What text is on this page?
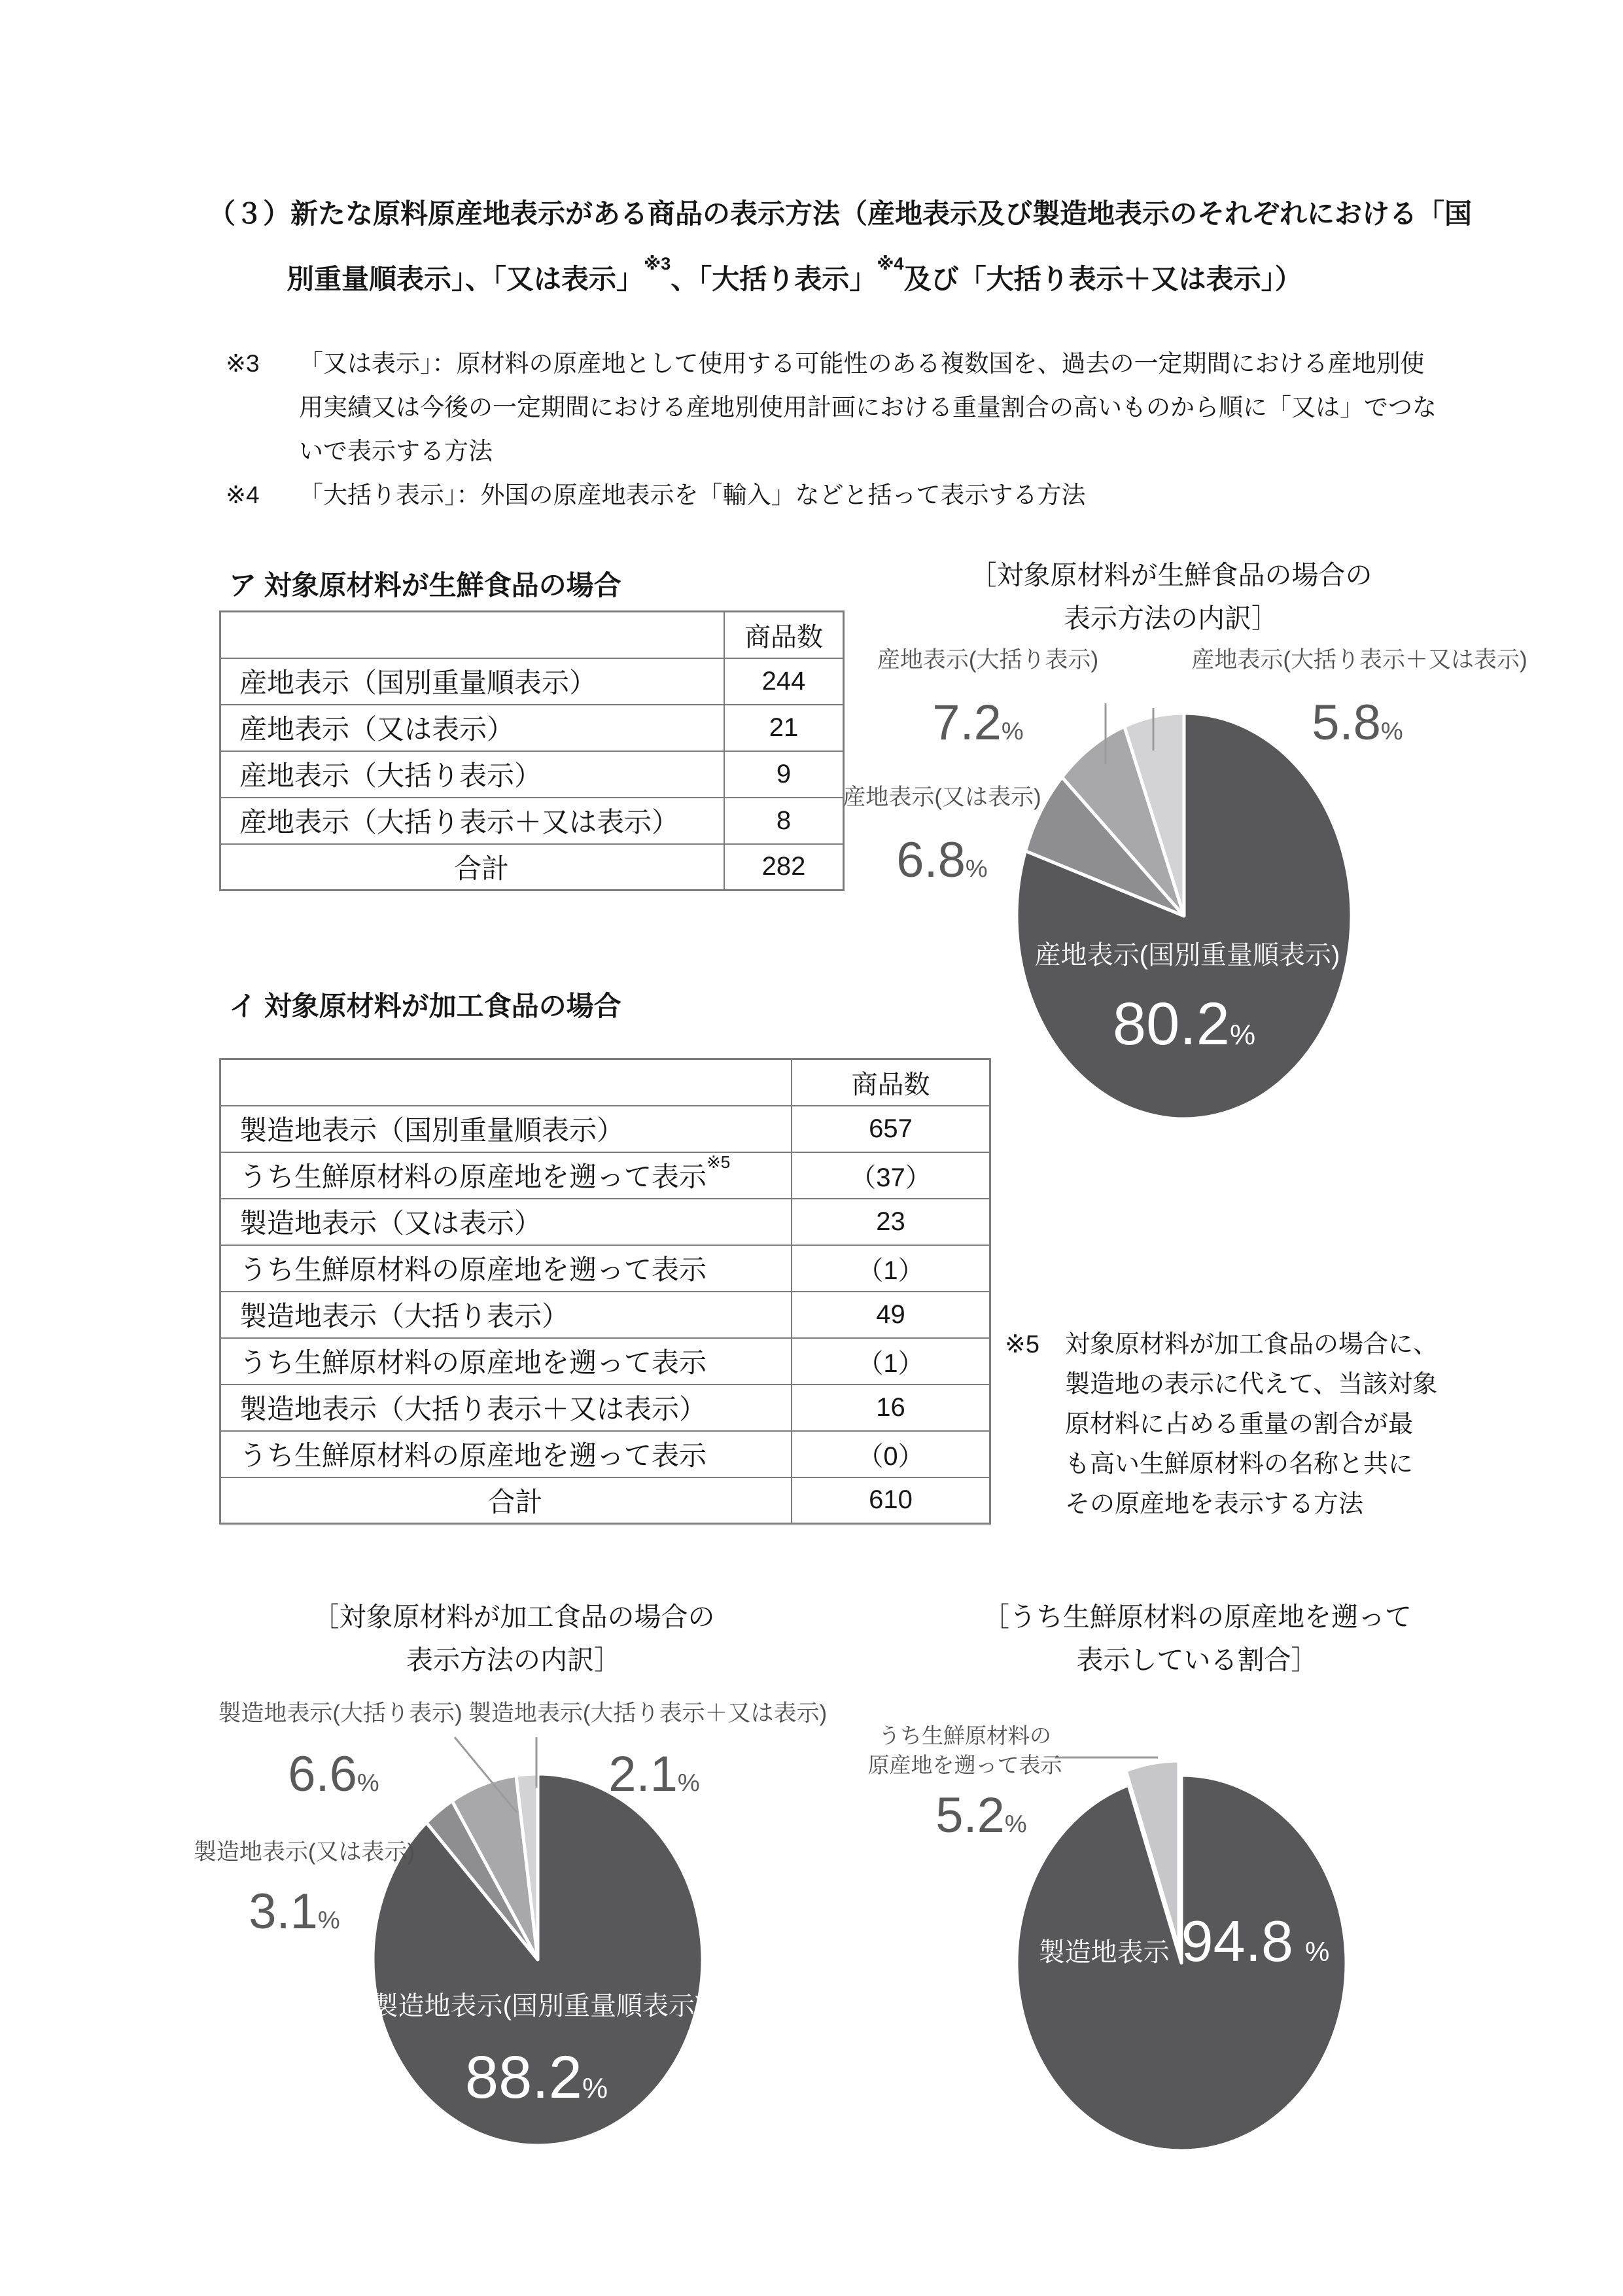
（３）新たな原料原産地表示がある商品の表示方法（産地表示及び製造地表示のそれぞれにおける「国
別重量順表示」、「又は表示」$^{※3}$、「大括り表示」$^{※4}$及び「大括り表示＋又は表示」）
※3	「又は表示」：原材料の原産地として使用する可能性のある複数国を、過去の一定期間における産地別使
用実績又は今後の一定期間における産地別使用計画における重量割合の高いものから順に「又は」でつな
いで表示する方法
※4	「大括り表示」：外国の原産地表示を「輸入」などと括って表示する方法
ア 対象原材料が生鮮食品の場合
	商品数
産地表示（国別重量順表示）	244
産地表示（又は表示）	21
産地表示（大括り表示）	9
産地表示（大括り表示＋又は表示）	8
合計	282
［対象原材料が生鮮食品の場合の
表示方法の内訳］
産地表示(大括り表示)
7.2%
産地表示(大括り表示＋又は表示)
5.8%
産地表示(又は表示)
6.8%
産地表示(国別重量順表示)
80.2%
イ 対象原材料が加工食品の場合
	商品数
製造地表示（国別重量順表示）	657
うち生鮮原材料の原産地を遡って表示$^{※5}$	（37）
製造地表示（又は表示）	23
うち生鮮原材料の原産地を遡って表示	（1）
製造地表示（大括り表示）	49
うち生鮮原材料の原産地を遡って表示	（1）
製造地表示（大括り表示＋又は表示）	16
うち生鮮原材料の原産地を遡って表示	（0）
合計	610
※5	対象原材料が加工食品の場合に、
製造地の表示に代えて、当該対象
原材料に占める重量の割合が最
も高い生鮮原材料の名称と共に
その原産地を表示する方法
［対象原材料が加工食品の場合の
表示方法の内訳］
製造地表示(大括り表示)
6.6%
製造地表示(大括り表示＋又は表示)
2.1%
製造地表示(又は表示)
3.1%
製造地表示(国別重量順表示)
88.2%
［うち生鮮原材料の原産地を遡って
表示している割合］
うち生鮮原材料の
原産地を遡って表示
5.2%
製造地表示 94.8 %
